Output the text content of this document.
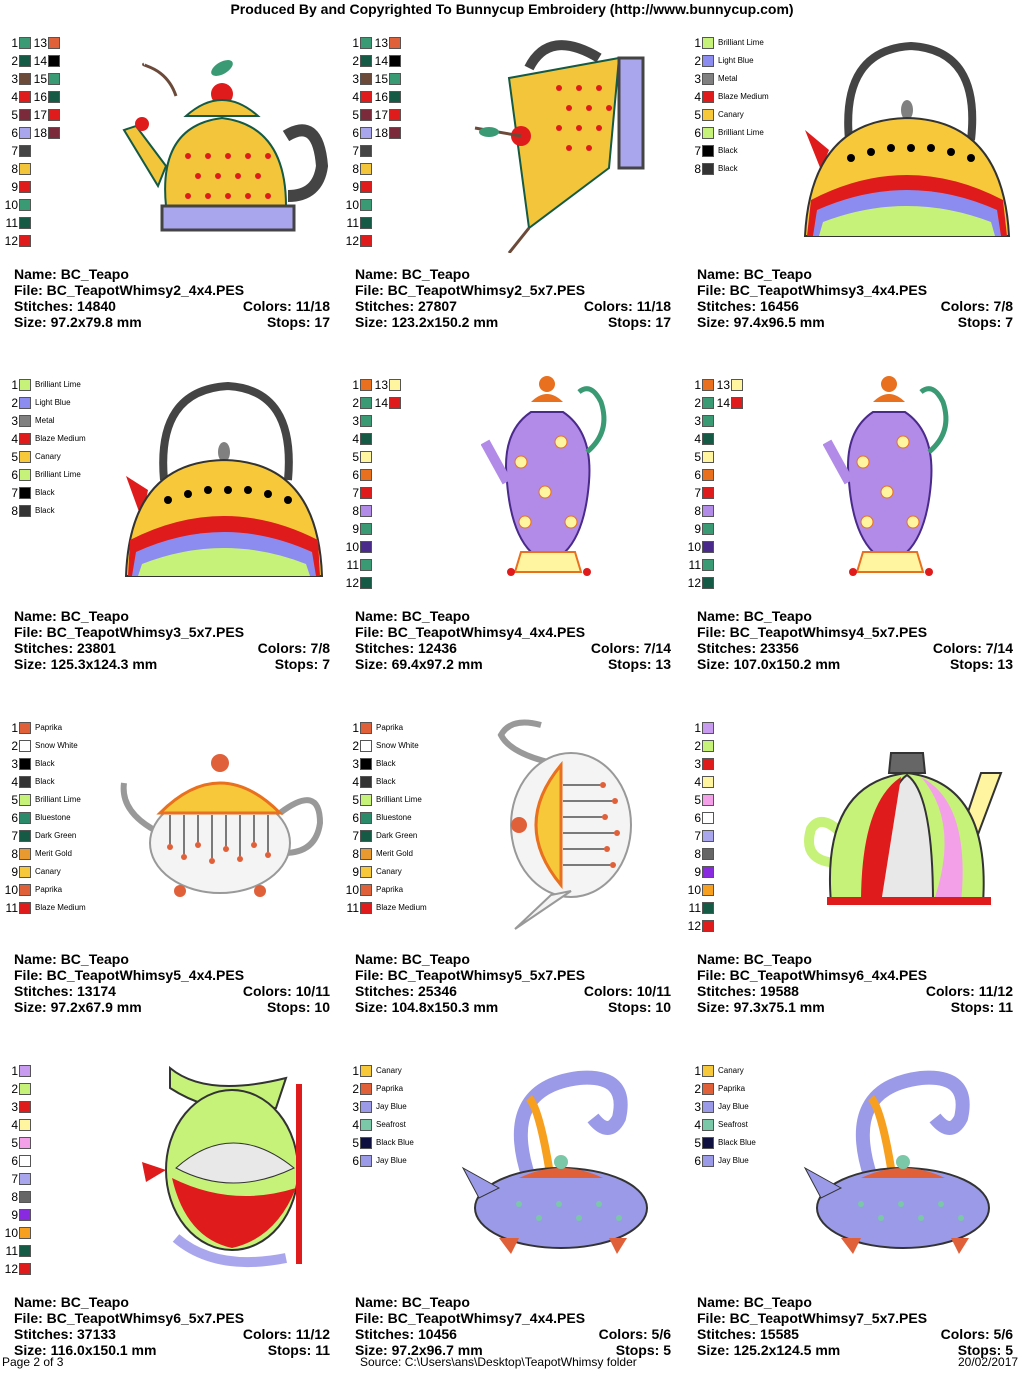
Produced By and Copyrighted To Bunnycup Embroidery (http://www.bunnycup.com)
1 13
2 14
3 15
4 16
5 17
6 18
7
8
9
10
11
12
Name: BC_Teapo
File: BC_TeapotWhimsy2_4x4.PES
Stitches: 14840	Colors: 11/18
Size: 97.2x79.8 mm	Stops: 17
1 13
2 14
3 15
4 16
5 17
6 18
7
8
9
10
11
12
Name: BC_Teapo
File: BC_TeapotWhimsy2_5x7.PES
Stitches: 27807	Colors: 11/18
Size: 123.2x150.2 mm	Stops: 17
1 Brilliant Lime
2 Light Blue
3 Metal
4 Blaze Medium
5 Canary
6 Brilliant Lime
7 Black
8 Black
Name: BC_Teapo
File: BC_TeapotWhimsy3_4x4.PES
Stitches: 16456	Colors: 7/8
Size: 97.4x96.5 mm	Stops: 7
1 Brilliant Lime
2 Light Blue
3 Metal
4 Blaze Medium
5 Canary
6 Brilliant Lime
7 Black
8 Black
Name: BC_Teapo
File: BC_TeapotWhimsy3_5x7.PES
Stitches: 23801	Colors: 7/8
Size: 125.3x124.3 mm	Stops: 7
1 13
2 14
3
4
5
6
7
8
9
10
11
12
Name: BC_Teapo
File: BC_TeapotWhimsy4_4x4.PES
Stitches: 12436	Colors: 7/14
Size: 69.4x97.2 mm	Stops: 13
1 13
2 14
3
4
5
6
7
8
9
10
11
12
Name: BC_Teapo
File: BC_TeapotWhimsy4_5x7.PES
Stitches: 23356	Colors: 7/14
Size: 107.0x150.2 mm	Stops: 13
1 Paprika
2 Snow White
3 Black
4 Black
5 Brilliant Lime
6 Bluestone
7 Dark Green
8 Merit Gold
9 Canary
10 Paprika
11 Blaze Medium
Name: BC_Teapo
File: BC_TeapotWhimsy5_4x4.PES
Stitches: 13174	Colors: 10/11
Size: 97.2x67.9 mm	Stops: 10
1 Paprika
2 Snow White
3 Black
4 Black
5 Brilliant Lime
6 Bluestone
7 Dark Green
8 Merit Gold
9 Canary
10 Paprika
11 Blaze Medium
Name: BC_Teapo
File: BC_TeapotWhimsy5_5x7.PES
Stitches: 25346	Colors: 10/11
Size: 104.8x150.3 mm	Stops: 10
1
2
3
4
5
6
7
8
9
10
11
12
Name: BC_Teapo
File: BC_TeapotWhimsy6_4x4.PES
Stitches: 19588	Colors: 11/12
Size: 97.3x75.1 mm	Stops: 11
1
2
3
4
5
6
7
8
9
10
11
12
Name: BC_Teapo
File: BC_TeapotWhimsy6_5x7.PES
Stitches: 37133	Colors: 11/12
Size: 116.0x150.1 mm	Stops: 11
1 Canary
2 Paprika
3 Jay Blue
4 Seafrost
5 Black Blue
6 Jay Blue
Name: BC_Teapo
File: BC_TeapotWhimsy7_4x4.PES
Stitches: 10456	Colors: 5/6
Size: 97.2x96.7 mm	Stops: 5
1 Canary
2 Paprika
3 Jay Blue
4 Seafrost
5 Black Blue
6 Jay Blue
Name: BC_Teapo
File: BC_TeapotWhimsy7_5x7.PES
Stitches: 15585	Colors: 5/6
Size: 125.2x124.5 mm	Stops: 5
Page 2 of 3	Source: C:\Users\ans\Desktop\TeapotWhimsy folder	20/02/2017
